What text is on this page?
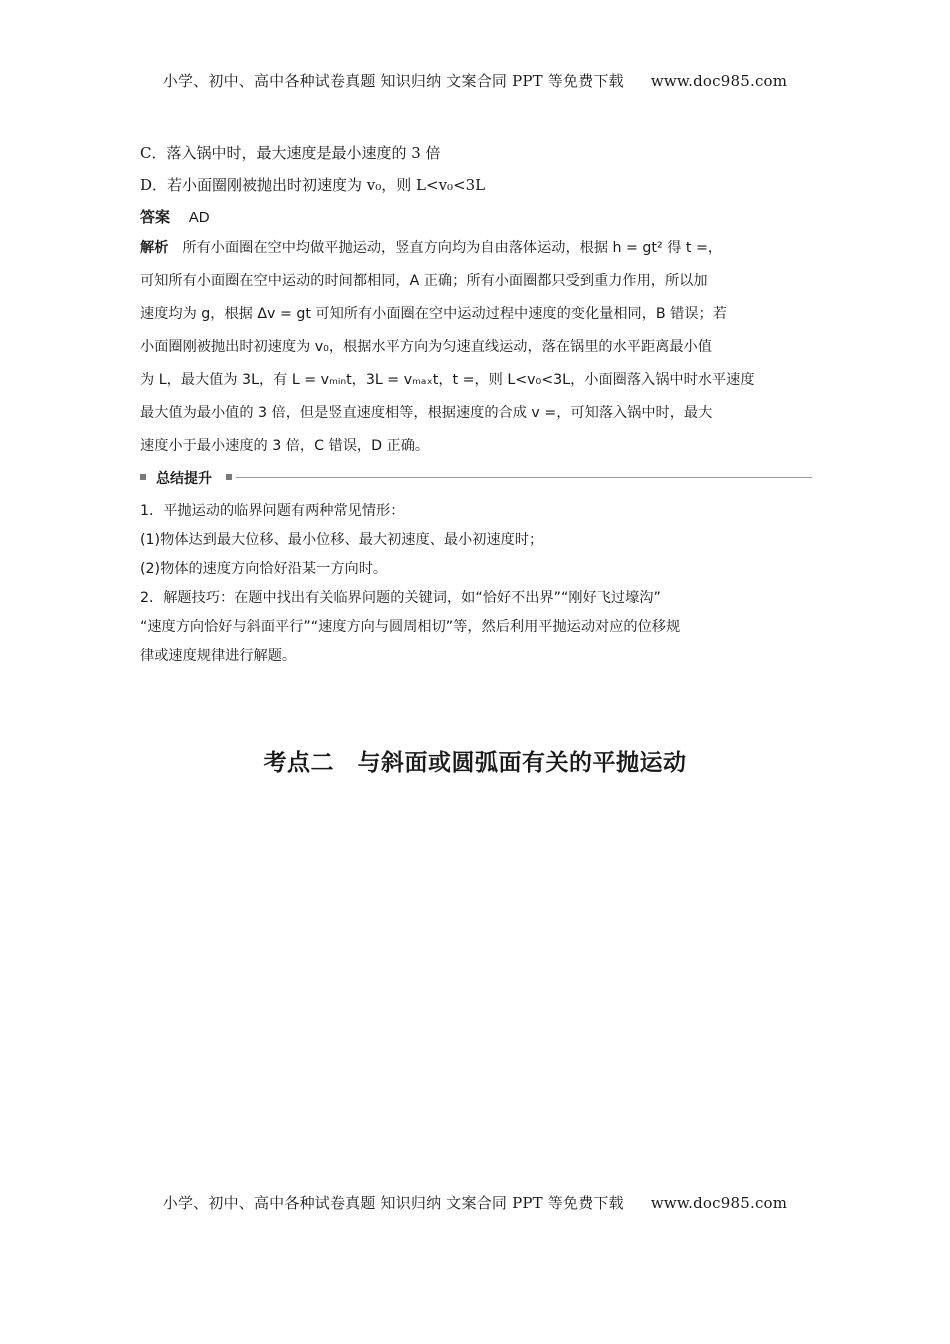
小学、初中、高中各种试卷真题 知识归纳 文案合同 PPT 等免费下载 www.doc985.com
C．落入锅中时，最大速度是最小速度的 3 倍
D．若小面圈刚被抛出时初速度为 v₀，则 L<v₀<3L
答案 AD
解析 所有小面圈在空中均做平抛运动，竖直方向均为自由落体运动，根据 h = gt² 得 t =，
可知所有小面圈在空中运动的时间都相同，A 正确；所有小面圈都只受到重力作用，所以加
速度均为 g，根据 Δv = gt 可知所有小面圈在空中运动过程中速度的变化量相同，B 错误；若
小面圈刚被抛出时初速度为 v₀，根据水平方向为匀速直线运动，落在锅里的水平距离最小值
为 L，最大值为 3L，有 L = vₘᵢₙt，3L = vₘₐₓt，t =，则 L<v₀<3L，小面圈落入锅中时水平速度
最大值为最小值的 3 倍，但是竖直速度相等，根据速度的合成 v =，可知落入锅中时，最大
速度小于最小速度的 3 倍，C 错误，D 正确。
总结提升
1．平抛运动的临界问题有两种常见情形：
(1)物体达到最大位移、最小位移、最大初速度、最小初速度时；
(2)物体的速度方向恰好沿某一方向时。
2．解题技巧：在题中找出有关临界问题的关键词，如“恰好不出界”“刚好飞过壕沟”
“速度方向恰好与斜面平行”“速度方向与圆周相切”等，然后利用平抛运动对应的位移规
律或速度规律进行解题。
考点二　与斜面或圆弧面有关的平抛运动
小学、初中、高中各种试卷真题 知识归纳 文案合同 PPT 等免费下载 www.doc985.com
